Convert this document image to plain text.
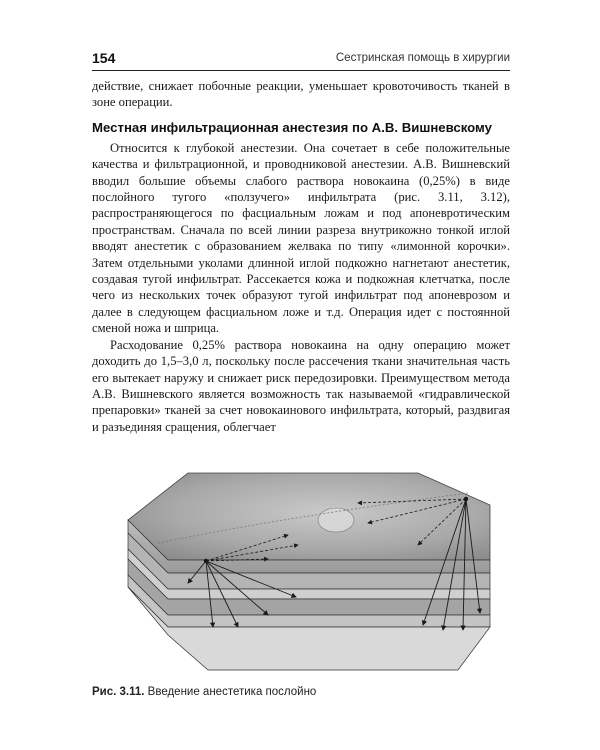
154	Сестринская помощь в хирургии

действие, снижает побочные реакции, уменьшает кровоточивость тканей в зоне операции.

Местная инфильтрационная анестезия по А.В. Вишневскому

Относится к глубокой анестезии. Она сочетает в себе положительные качества и фильтрационной, и проводниковой анестезии. А.В. Вишневский вводил большие объемы слабого раствора новокаина (0,25%) в виде послойного тугого «ползучего» инфильтрата (рис. 3.11, 3.12), распространяющегося по фасциальным ложам и под апоневротическим пространствам. Сначала по всей линии разреза внутрикожно тонкой иглой вводят анестетик с образованием желвака по типу «лимонной корочки». Затем отдельными уколами длинной иглой подкожно нагнетают анестетик, создавая тугой инфильтрат. Рассекается кожа и подкожная клетчатка, после чего из нескольких точек образуют тугой инфильтрат под апоневрозом и далее в следующем фасциальном ложе и т.д. Операция идет с постоянной сменой ножа и шприца.

Расходование 0,25% раствора новокаина на одну операцию может доходить до 1,5–3,0 л, поскольку после рассечения ткани значительная часть его вытекает наружу и снижает риск передозировки. Преимуществом метода А.В. Вишневского является возможность так называемой «гидравлической препаровки» тканей за счет новокаинового инфильтрата, который, раздвигая и разъединяя сращения, облегчает

Рис. 3.11. Введение анестетика послойно
